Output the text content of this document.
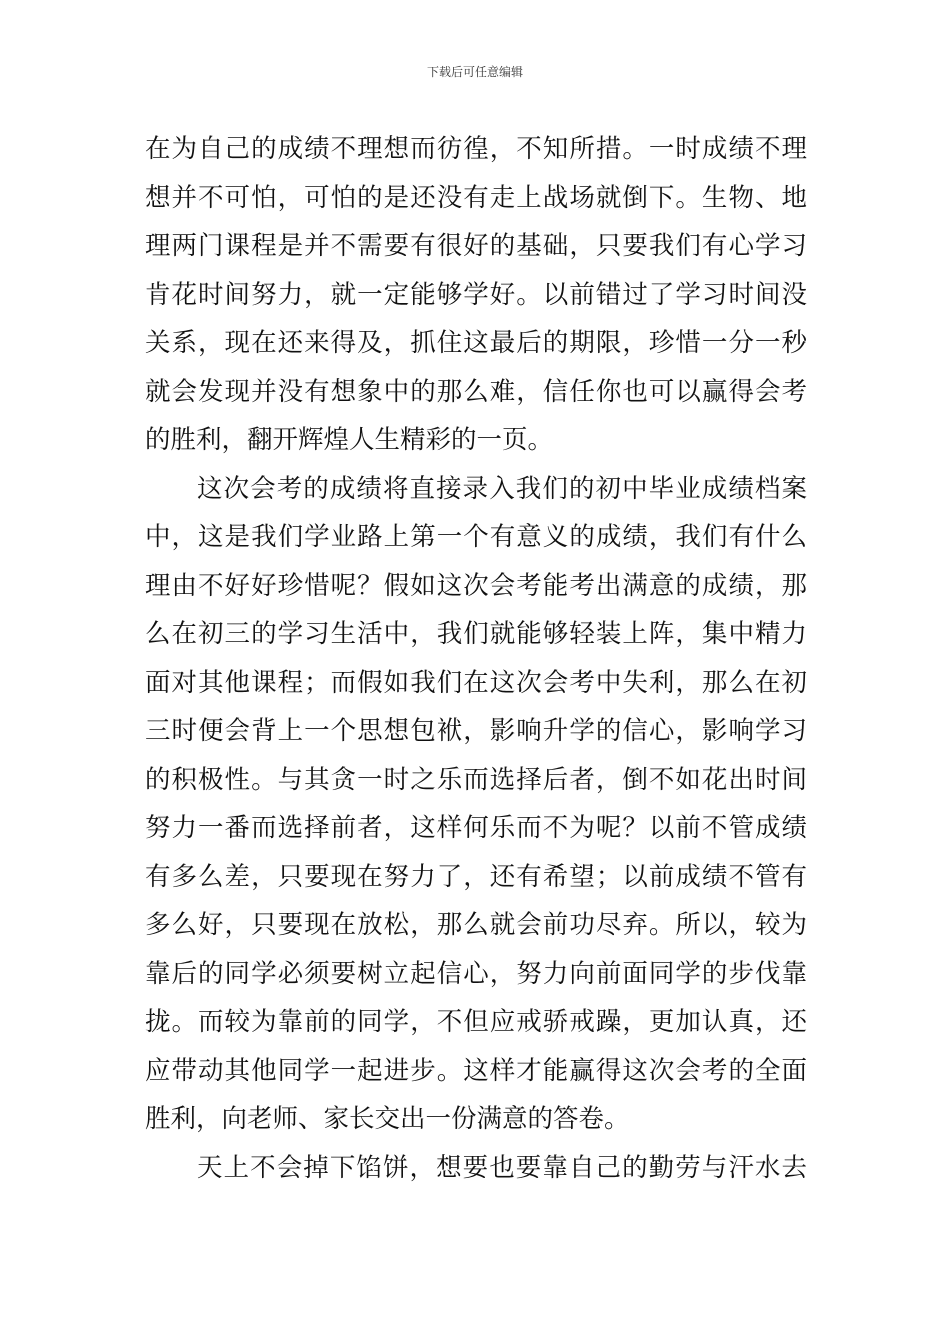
下载后可任意编辑
在为自己的成绩不理想而彷徨，不知所措。一时成绩不理
想并不可怕，可怕的是还没有走上战场就倒下。生物、地
理两门课程是并不需要有很好的基础，只要我们有心学习
肯花时间努力，就一定能够学好。以前错过了学习时间没
关系，现在还来得及，抓住这最后的期限，珍惜一分一秒
就会发现并没有想象中的那么难，信任你也可以赢得会考
的胜利，翻开辉煌人生精彩的一页。
这次会考的成绩将直接录入我们的初中毕业成绩档案
中，这是我们学业路上第一个有意义的成绩，我们有什么
理由不好好珍惜呢？假如这次会考能考出满意的成绩，那
么在初三的学习生活中，我们就能够轻装上阵，集中精力
面对其他课程；而假如我们在这次会考中失利，那么在初
三时便会背上一个思想包袱，影响升学的信心，影响学习
的积极性。与其贪一时之乐而选择后者，倒不如花出时间
努力一番而选择前者，这样何乐而不为呢？以前不管成绩
有多么差，只要现在努力了，还有希望；以前成绩不管有
多么好，只要现在放松，那么就会前功尽弃。所以，较为
靠后的同学必须要树立起信心，努力向前面同学的步伐靠
拢。而较为靠前的同学，不但应戒骄戒躁，更加认真，还
应带动其他同学一起进步。这样才能赢得这次会考的全面
胜利，向老师、家长交出一份满意的答卷。
天上不会掉下馅饼，想要也要靠自己的勤劳与汗水去
